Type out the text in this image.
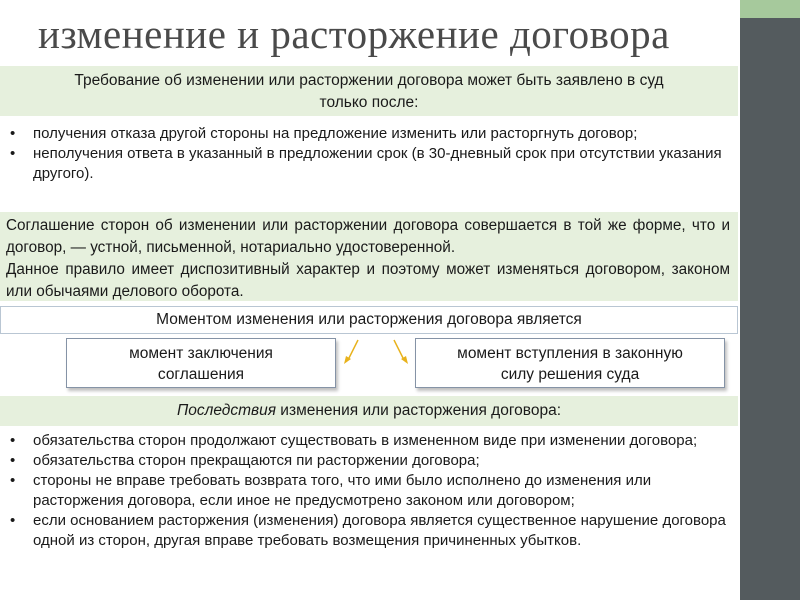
изменение и расторжение договора
Требование об изменении или расторжении договора может быть заявлено в суд
только после:
• получения отказа другой стороны на предложение изменить или расторгнуть договор;
• неполучения ответа в указанный в предложении срок (в 30-дневный срок при отсутствии указания другого).

Соглашение сторон об изменении или расторжении договора совершается в той же форме, что и договор, — устной, письменной, нотариально удостоверенной.

Данное правило имеет диспозитивный характер и поэтому может изменяться договором, законом или обычаями делового оборота.

Моментом изменения или расторжения договора является
момент заключения
соглашения
момент вступления в законную
силу решения суда
Последствия изменения или расторжения договора:
• обязательства сторон продолжают существовать в измененном виде при изменении договора;
• обязательства сторон прекращаются пи расторжении договора;
• стороны не вправе требовать возврата того, что ими было исполнено до изменения или расторжения договора, если иное не предусмотрено законом или договором;
• если основанием расторжения (изменения) договора является существенное нарушение договора одной из сторон, другая вправе требовать возмещения причиненных убытков.
